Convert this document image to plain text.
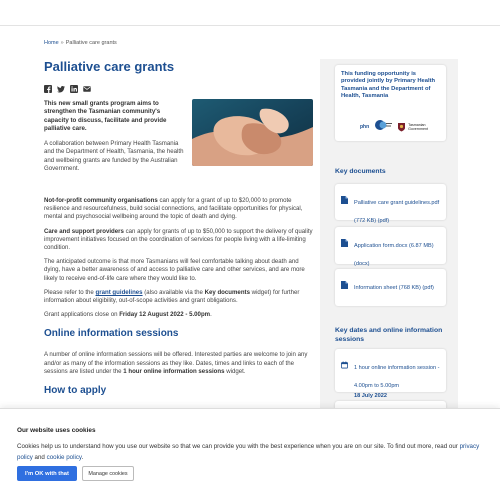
Home » Palliative care grants
Palliative care grants

This new small grants program aims to strengthen the Tasmanian community's capacity to discuss, facilitate and provide palliative care.

A collaboration between Primary Health Tasmania and the Department of Health, Tasmania, the health and wellbeing grants are funded by the Australian Government.

Not-for-profit community organisations can apply for a grant of up to $20,000 to promote resilience and resourcefulness, build social connections, and facilitate opportunities for physical, mental and psychosocial wellbeing around the topic of death and dying.

Care and support providers can apply for grants of up to $50,000 to support the delivery of quality improvement initiatives focused on the coordination of services for people living with a life-limiting condition.

The anticipated outcome is that more Tasmanians will feel comfortable talking about death and dying, have a better awareness of and access to palliative care and other services, and are more likely to receive end-of-life care where they would like to.

Please refer to the grant guidelines (also available via the Key documents widget) for further information about eligibility, out-of-scope activities and grant obligations.

Grant applications close on Friday 12 August 2022 - 5.00pm.

Online information sessions

A number of online information sessions will be offered. Interested parties are welcome to join any and/or as many of the information sessions as they like. Dates, times and links to each of the sessions are listed under the 1 hour online information sessions widget.

How to apply

This funding opportunity is provided jointly by Primary Health Tasmania and the Department of Health, Tasmania

phn	Tasmanian
Government
Key documents
Palliative care grant guidelines.pdf (772 KB) (pdf)
Application form.docx (6.87 MB) (docx)
Information sheet (768 KB) (pdf)
Key dates and online information sessions
1 hour online information session - 4.00pm to 5.00pm
18 July 2022
Our website uses cookies

Cookies help us to understand how you use our website so that we can provide you with the best experience when you are on our site. To find out more, read our privacy policy and cookie policy.

I'm OK with that	Manage cookies
